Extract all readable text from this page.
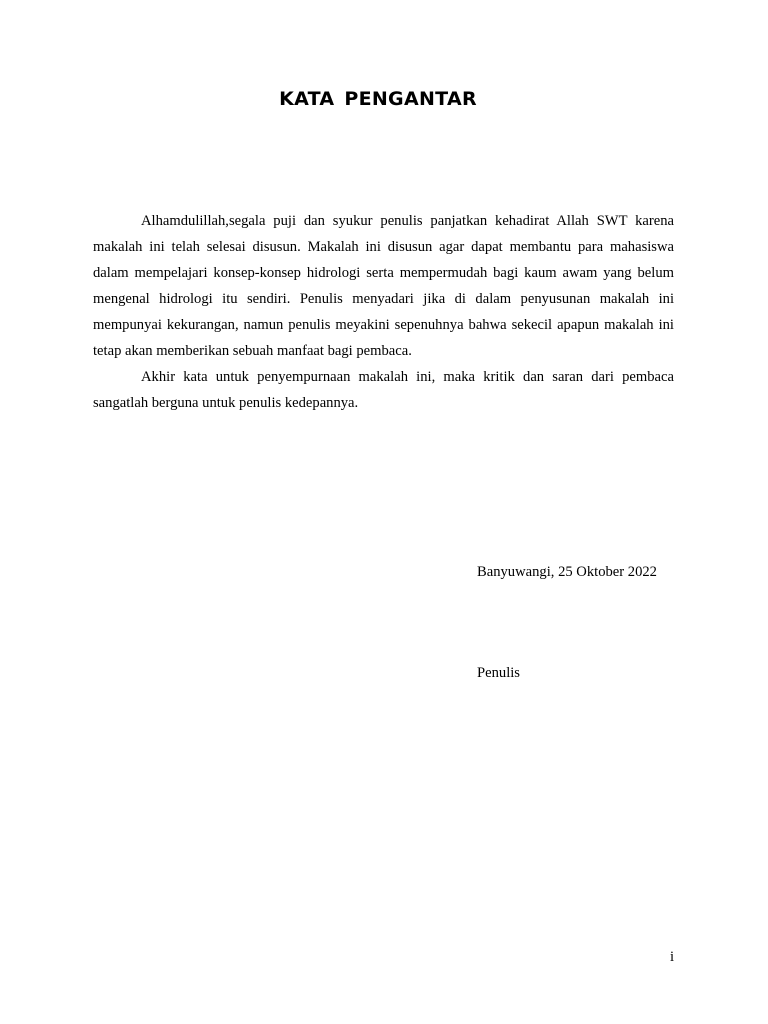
KATA PENGANTAR

Alhamdulillah,segala puji dan syukur penulis panjatkan kehadirat Allah SWT karena makalah ini telah selesai disusun. Makalah ini disusun agar dapat membantu para mahasiswa dalam mempelajari konsep-konsep hidrologi serta mempermudah bagi kaum awam yang belum mengenal hidrologi itu sendiri. Penulis menyadari jika di dalam penyusunan makalah ini mempunyai kekurangan, namun penulis meyakini sepenuhnya bahwa sekecil apapun makalah ini tetap akan memberikan sebuah manfaat bagi pembaca.

Akhir kata untuk penyempurnaan makalah ini, maka kritik dan saran dari pembaca sangatlah berguna untuk penulis kedepannya.

Banyuwangi, 25 Oktober 2022
Penulis
i
